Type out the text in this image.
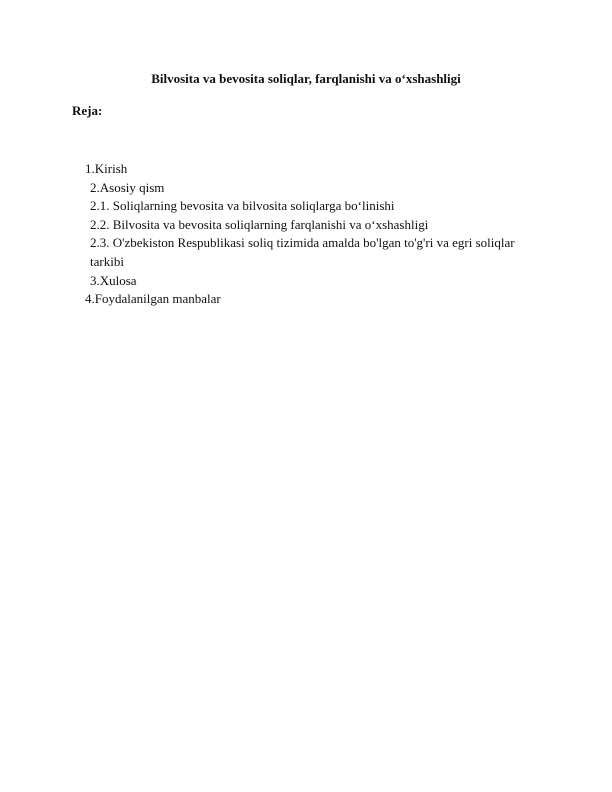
Bilvosita va bevosita soliqlar, farqlanishi va o‘xshashligi
Reja:
1.Kirish
2.Asosiy qism
2.1. Soliqlarning bevosita va bilvosita soliqlarga bo‘linishi
2.2. Bilvosita va bevosita soliqlarning farqlanishi va o‘xshashligi
2.3. O'zbekiston Respublikasi soliq tizimida amalda bo'lgan to'g'ri va egri soliqlar
tarkibi
3.Xulosa
4.Foydalanilgan manbalar
